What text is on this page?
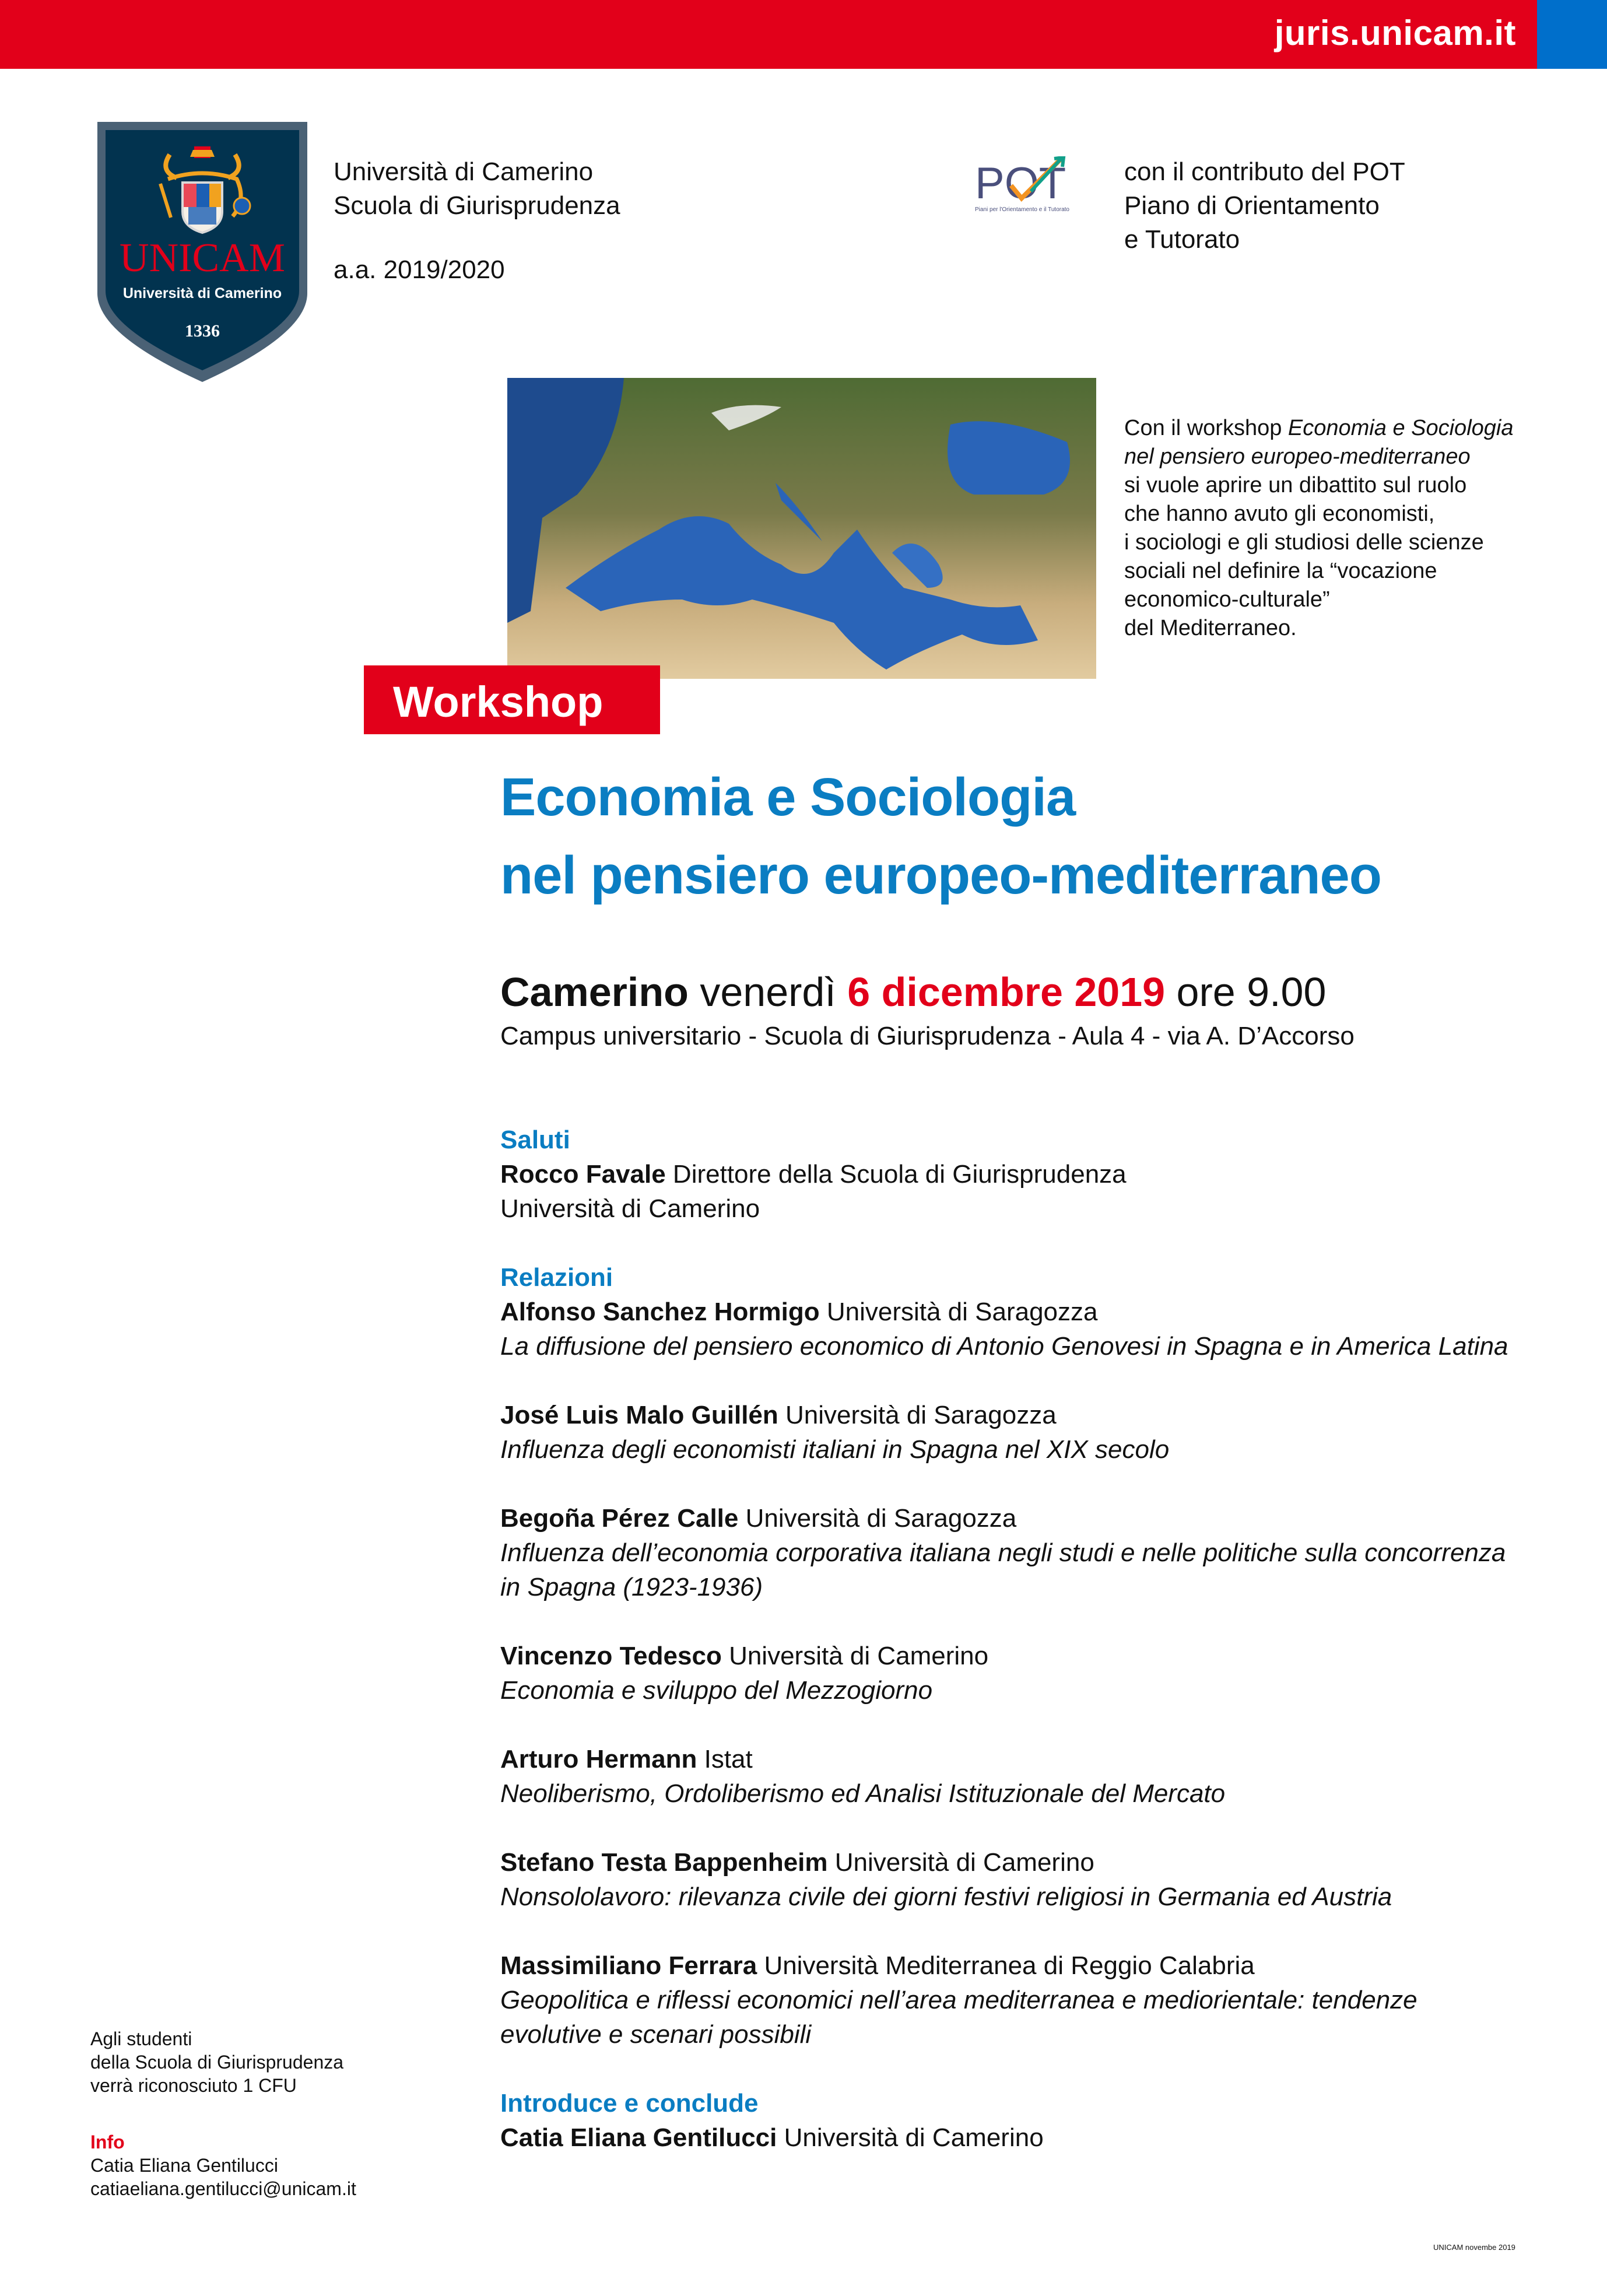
juris.unicam.it
UNICAM
Università di Camerino
1336
Università di Camerino
Scuola di Giurisprudenza
a.a. 2019/2020
POT
Piani per l'Orientamento e il Tutorato
con il contributo del POT
Piano di Orientamento
e Tutorato
Con il workshop Economia e Sociologia
nel pensiero europeo-mediterraneo
si vuole aprire un dibattito sul ruolo
che hanno avuto gli economisti,
i sociologi e gli studiosi delle scienze
sociali nel definire la “vocazione
economico-culturale”
del Mediterraneo.
Workshop
Economia e Sociologia
nel pensiero europeo-mediterraneo
Camerino venerdì 6 dicembre 2019 ore 9.00
Campus universitario - Scuola di Giurisprudenza - Aula 4 - via A. D’Accorso
Saluti
Rocco Favale Direttore della Scuola di Giurisprudenza
Università di Camerino
Relazioni
Alfonso Sanchez Hormigo Università di Saragozza
La diffusione del pensiero economico di Antonio Genovesi in Spagna e in America Latina
José Luis Malo Guillén Università di Saragozza
Influenza degli economisti italiani in Spagna nel XIX secolo
Begoña Pérez Calle Università di Saragozza
Influenza dell’economia corporativa italiana negli studi e nelle politiche sulla concorrenza
in Spagna (1923-1936)
Vincenzo Tedesco Università di Camerino
Economia e sviluppo del Mezzogiorno
Arturo Hermann Istat
Neoliberismo, Ordoliberismo ed Analisi Istituzionale del Mercato
Stefano Testa Bappenheim Università di Camerino
Nonsololavoro: rilevanza civile dei giorni festivi religiosi in Germania ed Austria
Massimiliano Ferrara Università Mediterranea di Reggio Calabria
Geopolitica e riflessi economici nell’area mediterranea e mediorientale: tendenze
evolutive e scenari possibili
Introduce e conclude
Catia Eliana Gentilucci Università di Camerino
Agli studenti
della Scuola di Giurisprudenza
verrà riconosciuto 1 CFU
Info
Catia Eliana Gentilucci
catiaeliana.gentilucci@unicam.it
UNICAM novembe 2019
